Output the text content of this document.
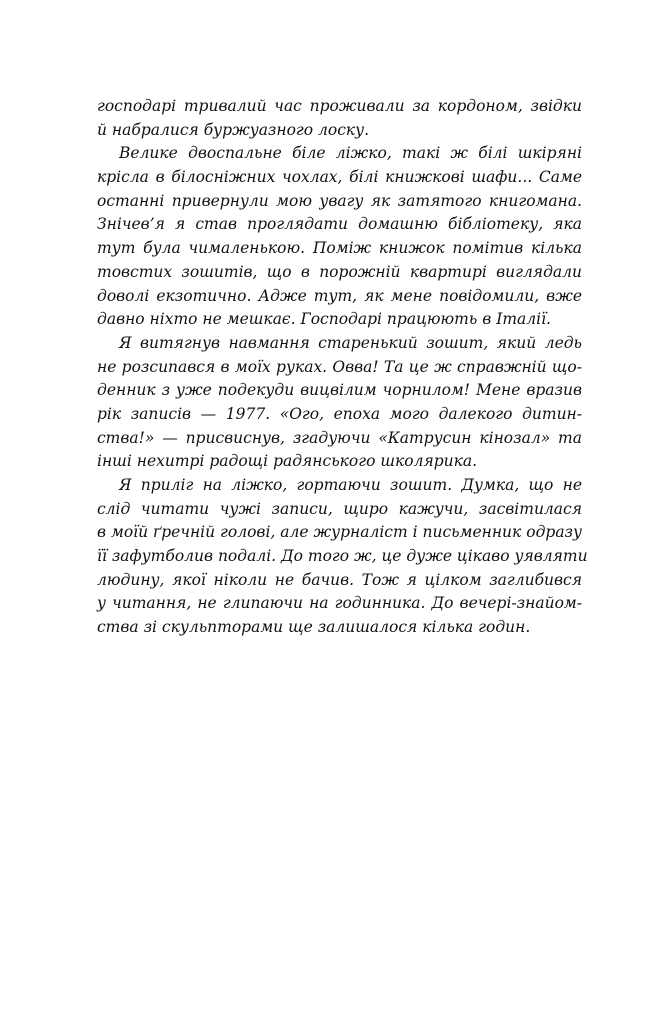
господарі тривалий час проживали за кордоном, звідки
й набралися буржуазного лоску.
Велике двоспальне біле ліжко, такі ж білі шкіряні
крісла в білосніжних чохлах, білі книжкові шафи... Саме
останні привернули мою увагу як затятого книгомана.
Знічев’я я став проглядати домашню бібліотеку, яка
тут була чималенькою. Поміж книжок помітив кілька
товстих зошитів, що в порожній квартирі виглядали
доволі екзотично. Адже тут, як мене повідомили, вже
давно ніхто не мешкає. Господарі працюють в Італії.
Я витягнув навмання старенький зошит, який ледь
не розсипався в моїх руках. Овва! Та це ж справжній що-
денник з уже подекуди вицвілим чорнилом! Мене вразив
рік записів — 1977. «Ого, епоха мого далекого дитин-
ства!» — присвиснув, згадуючи «Катрусин кінозал» та
інші нехитрі радощі радянського школярика.
Я приліг на ліжко, гортаючи зошит. Думка, що не
слід читати чужі записи, щиро кажучи, засвітилася
в моїй ґречній голові, але журналіст і письменник одразу
її зафутболив подалі. До того ж, це дуже цікаво уявляти
людину, якої ніколи не бачив. Тож я цілком заглибився
у читання, не глипаючи на годинника. До вечері-знайом-
ства зі скульпторами ще залишалося кілька годин.
